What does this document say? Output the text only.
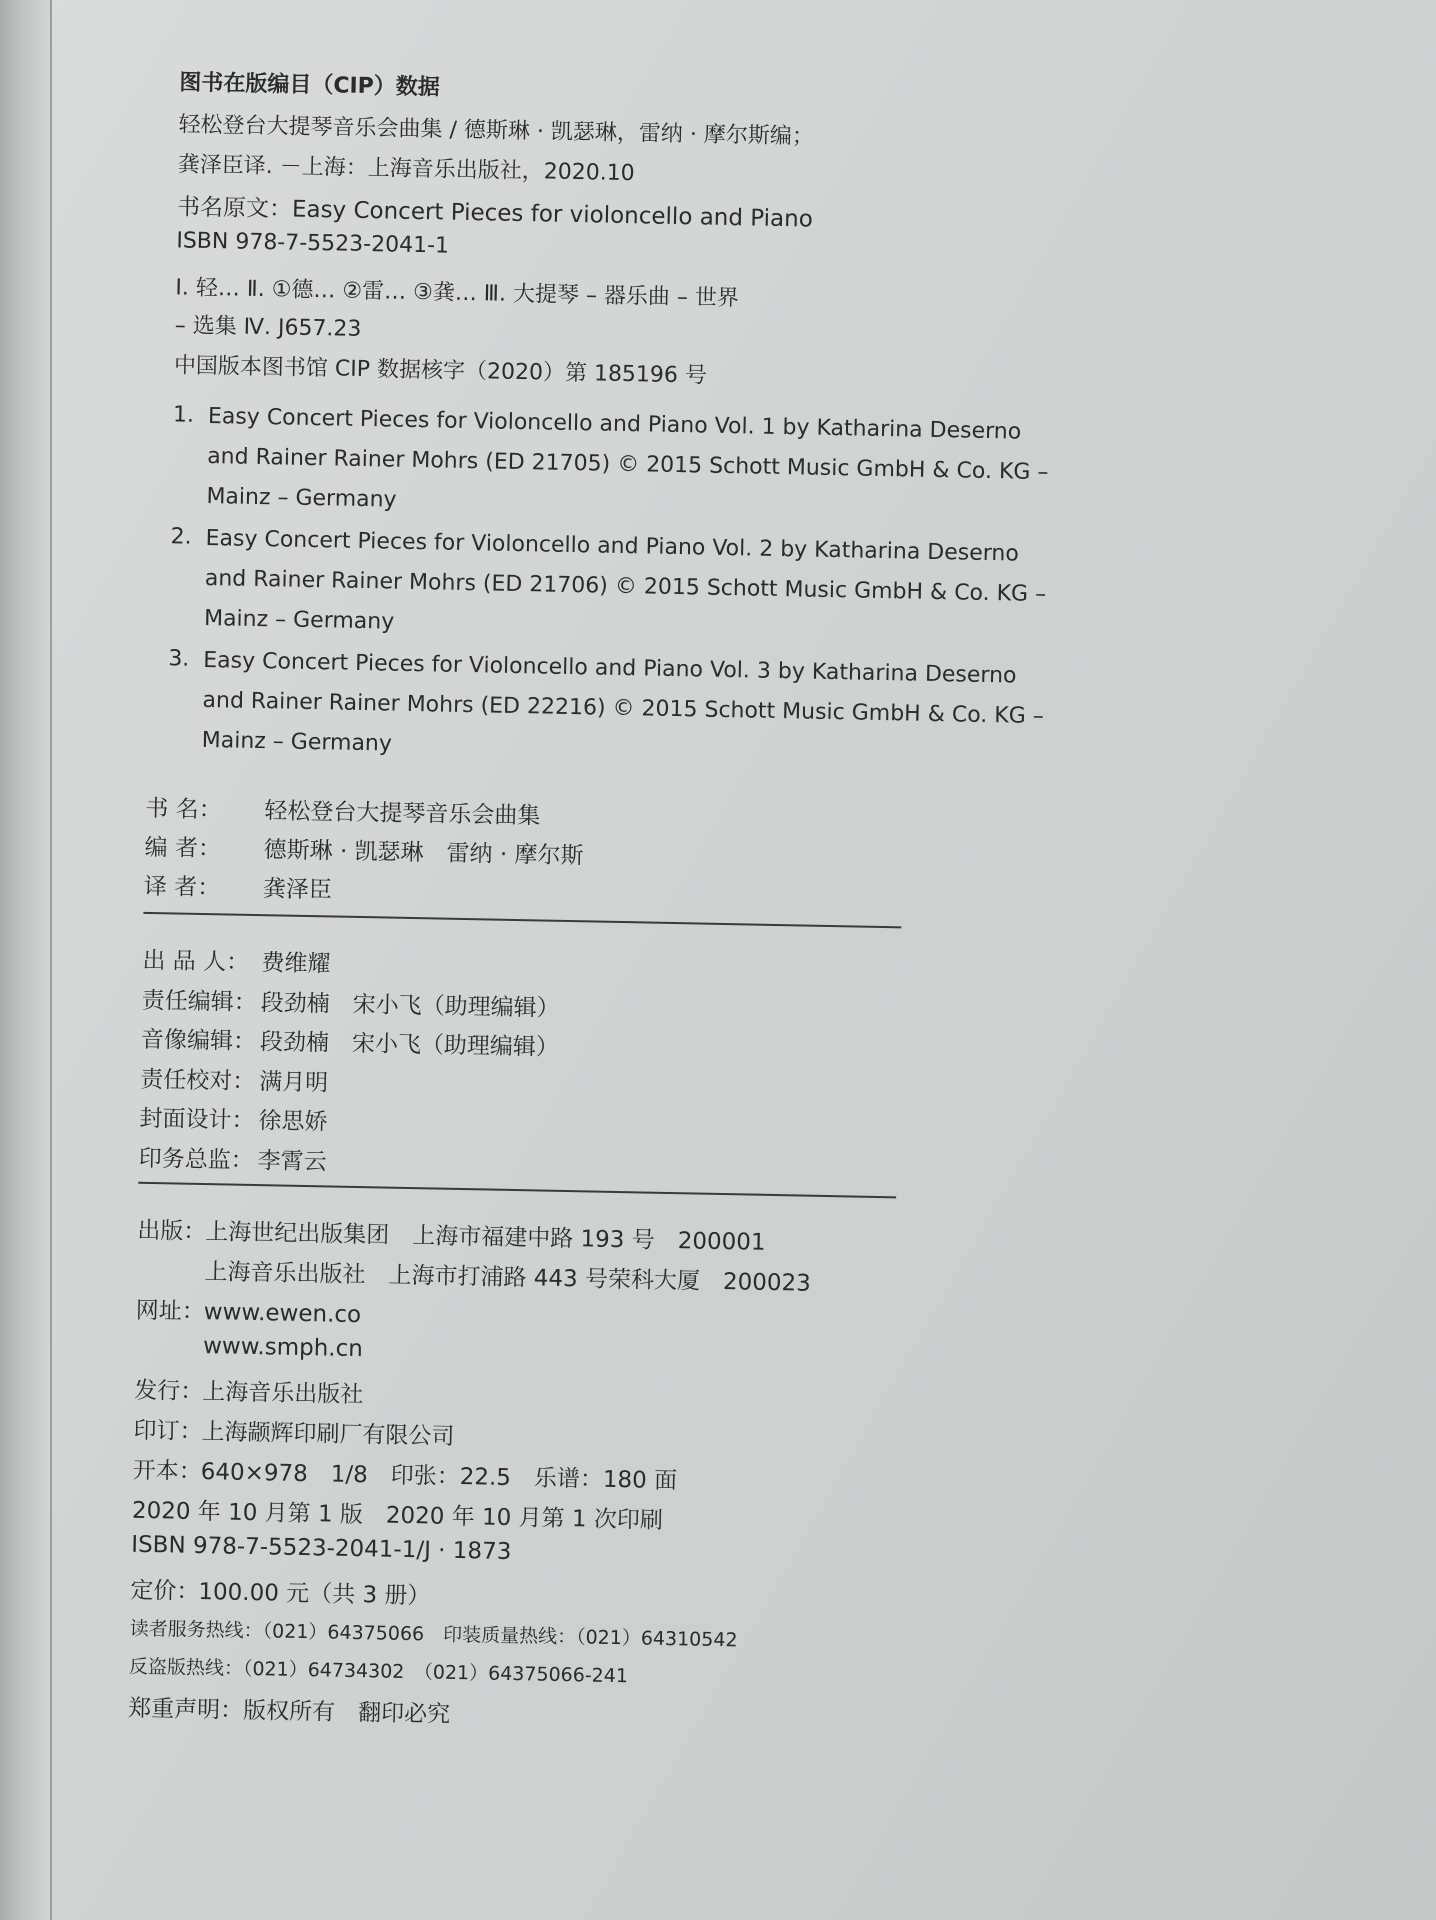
图书在版编目（CIP）数据
轻松登台大提琴音乐会曲集 / 德斯琳 · 凯瑟琳，雷纳 · 摩尔斯编；
龚泽臣译. －上海：上海音乐出版社，2020.10
书名原文：Easy Concert Pieces for violoncello and Piano
ISBN 978-7-5523-2041-1
Ⅰ. 轻… Ⅱ. ①德… ②雷… ③龚… Ⅲ. 大提琴 – 器乐曲 – 世界
– 选集 Ⅳ. J657.23
中国版本图书馆 CIP 数据核字（2020）第 185196 号
1. Easy Concert Pieces for Violoncello and Piano Vol. 1 by Katharina Deserno and Rainer Rainer Mohrs (ED 21705) © 2015 Schott Music GmbH & Co. KG – Mainz – Germany
2. Easy Concert Pieces for Violoncello and Piano Vol. 2 by Katharina Deserno and Rainer Rainer Mohrs (ED 21706) © 2015 Schott Music GmbH & Co. KG – Mainz – Germany
3. Easy Concert Pieces for Violoncello and Piano Vol. 3 by Katharina Deserno and Rainer Rainer Mohrs (ED 22216) © 2015 Schott Music GmbH & Co. KG – Mainz – Germany
书 名： 轻松登台大提琴音乐会曲集
编 者： 德斯琳 · 凯瑟琳　雷纳 · 摩尔斯
译 者： 龚泽臣
出 品 人： 费维耀
责任编辑： 段劲楠　宋小飞（助理编辑）
音像编辑： 段劲楠　宋小飞（助理编辑）
责任校对： 满月明
封面设计： 徐思娇
印务总监： 李霄云
出版：上海世纪出版集团　上海市福建中路 193 号　200001
上海音乐出版社　上海市打浦路 443 号荣科大厦　200023
网址：www.ewen.co
www.smph.cn
发行：上海音乐出版社
印订：上海颛辉印刷厂有限公司
开本：640×978　1/8　印张：22.5　乐谱：180 面
2020 年 10 月第 1 版　2020 年 10 月第 1 次印刷
ISBN 978-7-5523-2041-1/J · 1873
定价：100.00 元（共 3 册）
读者服务热线：（021）64375066　印装质量热线：（021）64310542
反盗版热线：（021）64734302　（021）64375066-241
郑重声明：版权所有　翻印必究
